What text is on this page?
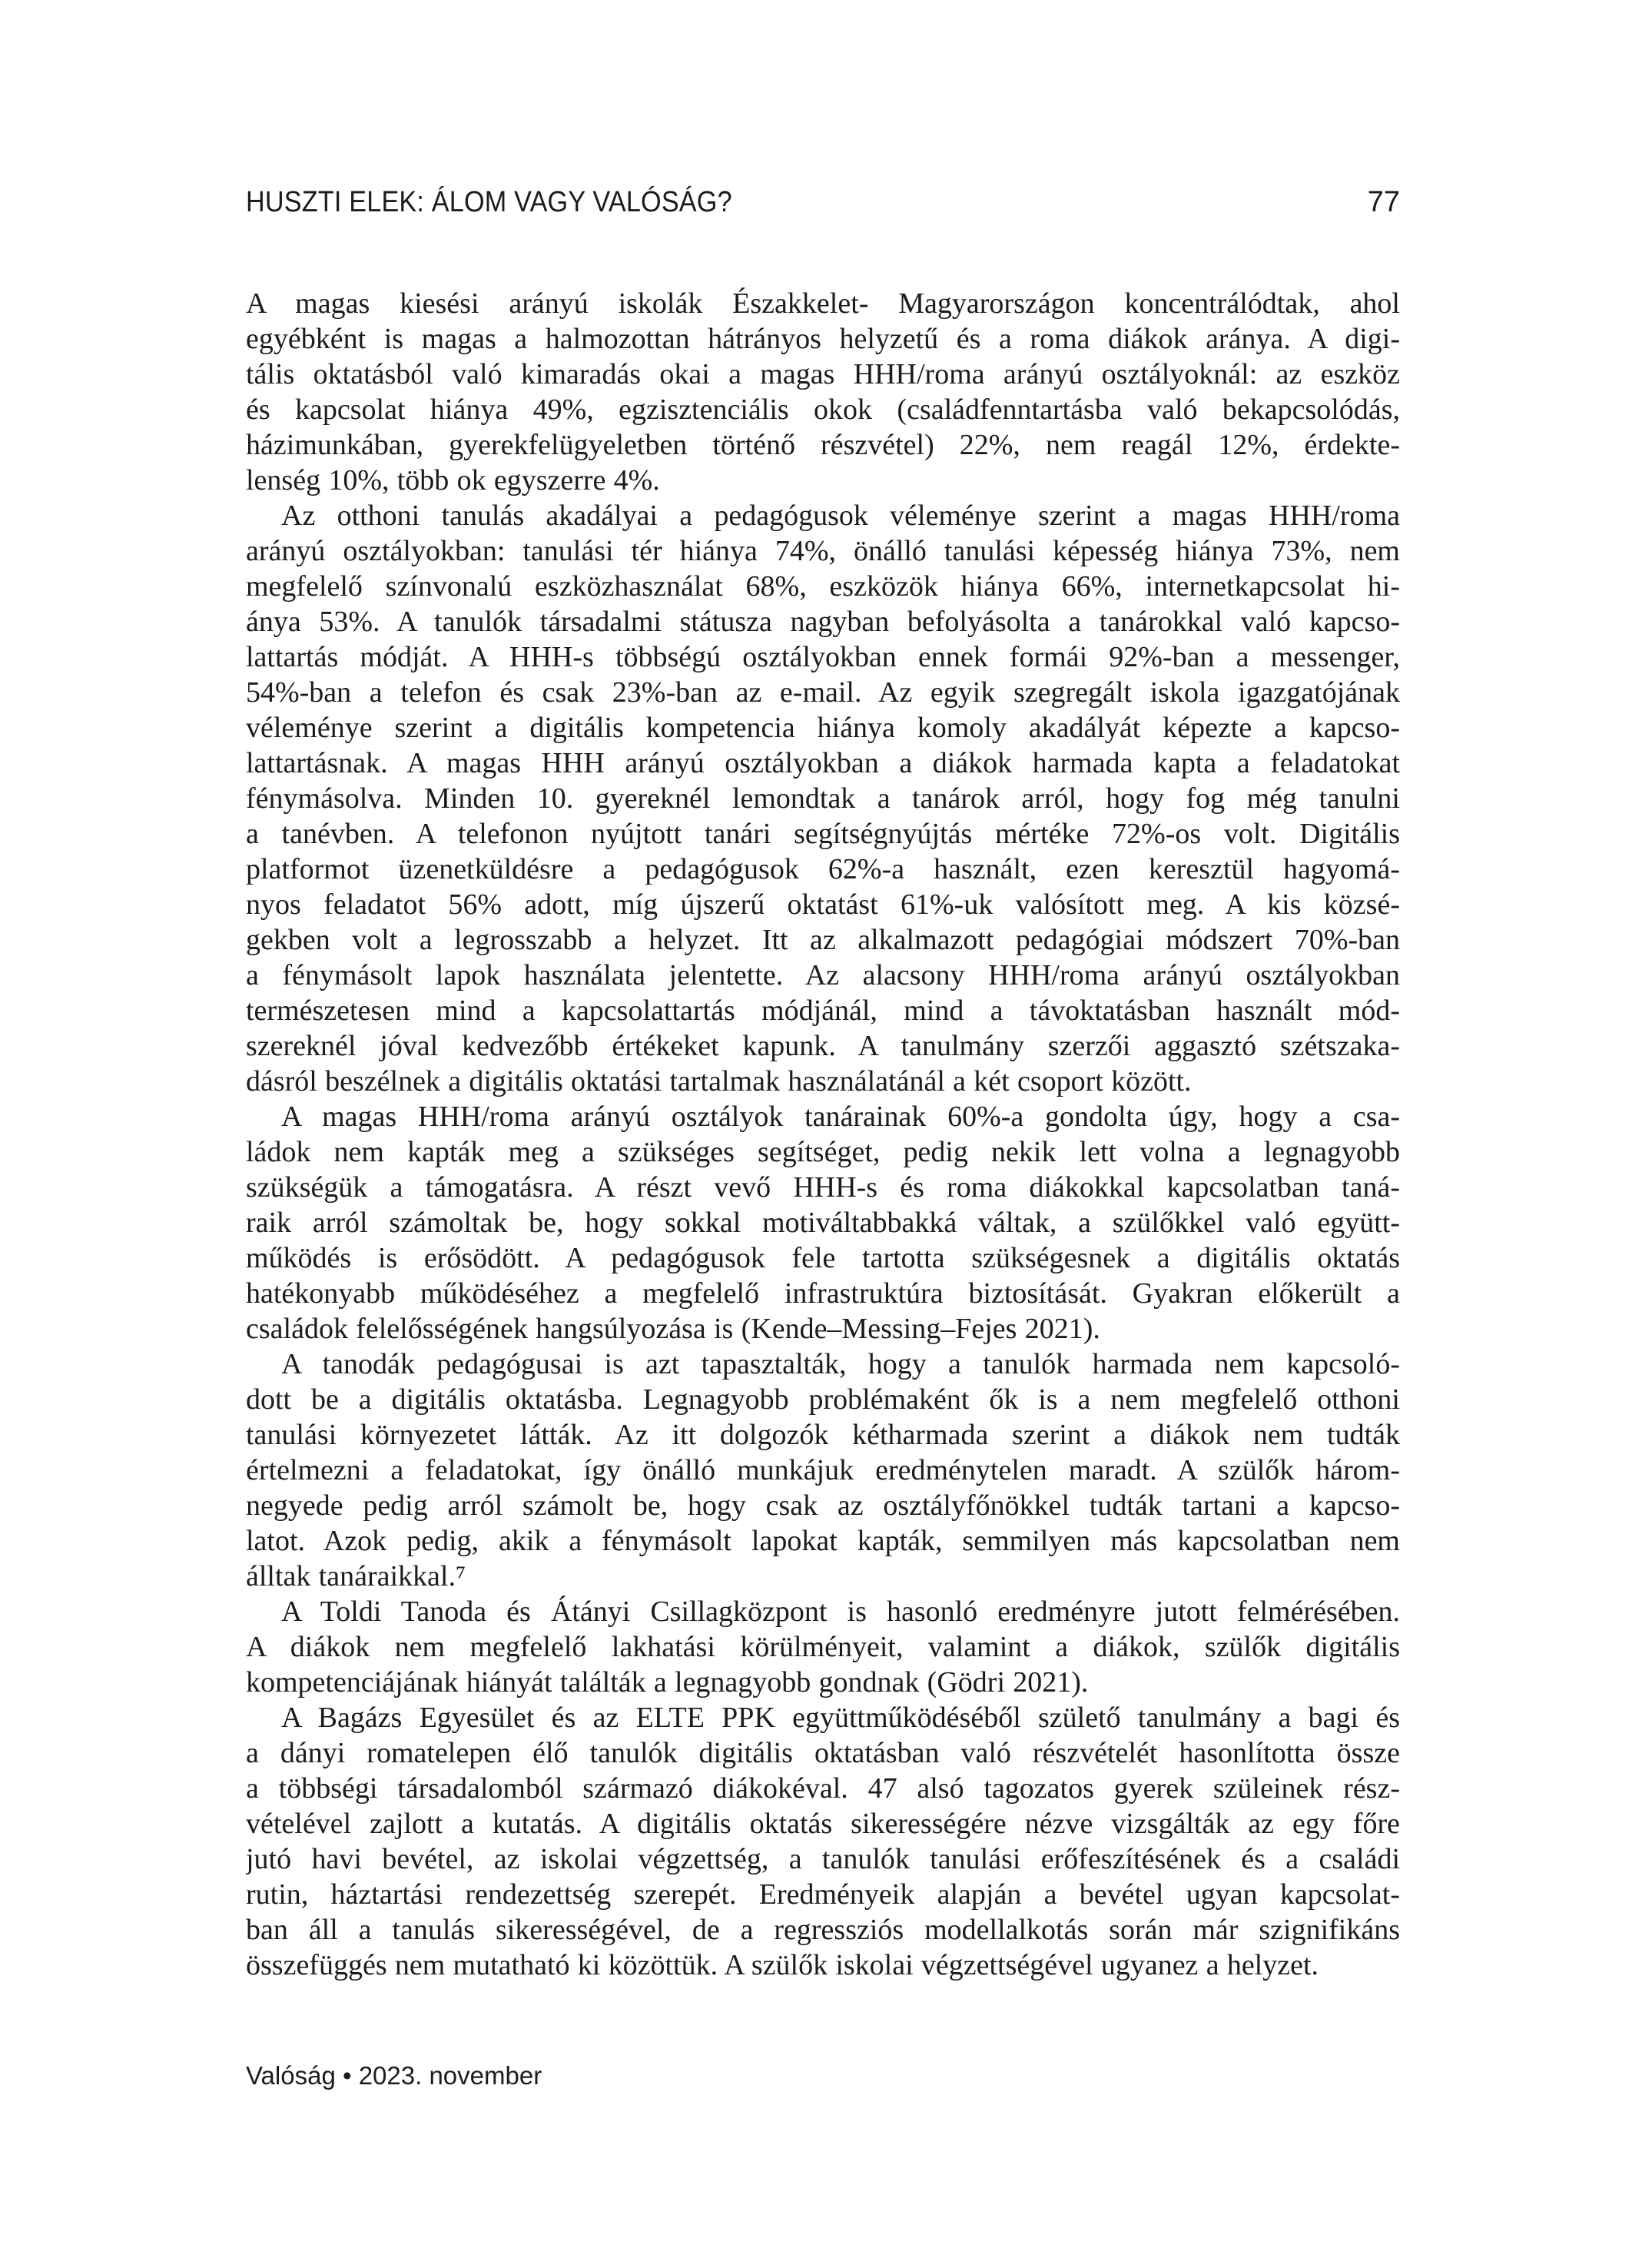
HUSZTI ELEK: ÁLOM VAGY VALÓSÁG?	77
A magas kiesési arányú iskolák Északkelet- Magyarországon koncentrálódtak, ahol
egyébként is magas a halmozottan hátrányos helyzetű és a roma diákok aránya. A digi-
tális oktatásból való kimaradás okai a magas HHH/roma arányú osztályoknál: az eszköz
és kapcsolat hiánya 49%, egzisztenciális okok (családfenntartásba való bekapcsolódás,
házimunkában, gyerekfelügyeletben történő részvétel) 22%, nem reagál 12%, érdekte-
lenség 10%, több ok egyszerre 4%.
Az otthoni tanulás akadályai a pedagógusok véleménye szerint a magas HHH/roma
arányú osztályokban: tanulási tér hiánya 74%, önálló tanulási képesség hiánya 73%, nem
megfelelő színvonalú eszközhasználat 68%, eszközök hiánya 66%, internetkapcsolat hi-
ánya 53%. A tanulók társadalmi státusza nagyban befolyásolta a tanárokkal való kapcso-
lattartás módját. A HHH-s többségú osztályokban ennek formái 92%-ban a messenger,
54%-ban a telefon és csak 23%-ban az e-mail. Az egyik szegregált iskola igazgatójának
véleménye szerint a digitális kompetencia hiánya komoly akadályát képezte a kapcso-
lattartásnak. A magas HHH arányú osztályokban a diákok harmada kapta a feladatokat
fénymásolva. Minden 10. gyereknél lemondtak a tanárok arról, hogy fog még tanulni
a tanévben. A telefonon nyújtott tanári segítségnyújtás mértéke 72%-os volt. Digitális
platformot üzenetküldésre a pedagógusok 62%-a használt, ezen keresztül hagyomá-
nyos feladatot 56% adott, míg újszerű oktatást 61%-uk valósított meg. A kis közsé-
gekben volt a legrosszabb a helyzet. Itt az alkalmazott pedagógiai módszert 70%-ban
a fénymásolt lapok használata jelentette. Az alacsony HHH/roma arányú osztályokban
természetesen mind a kapcsolattartás módjánál, mind a távoktatásban használt mód-
szereknél jóval kedvezőbb értékeket kapunk. A tanulmány szerzői aggasztó szétszaka-
dásról beszélnek a digitális oktatási tartalmak használatánál a két csoport között.
A magas HHH/roma arányú osztályok tanárainak 60%-a gondolta úgy, hogy a csa-
ládok nem kapták meg a szükséges segítséget, pedig nekik lett volna a legnagyobb
szükségük a támogatásra. A részt vevő HHH-s és roma diákokkal kapcsolatban taná-
raik arról számoltak be, hogy sokkal motiváltabbakká váltak, a szülőkkel való együtt-
működés is erősödött. A pedagógusok fele tartotta szükségesnek a digitális oktatás
hatékonyabb működéséhez a megfelelő infrastruktúra biztosítását. Gyakran előkerült a
családok felelősségének hangsúlyozása is (Kende–Messing–Fejes 2021).
A tanodák pedagógusai is azt tapasztalták, hogy a tanulók harmada nem kapcsoló-
dott be a digitális oktatásba. Legnagyobb problémaként ők is a nem megfelelő otthoni
tanulási környezetet látták. Az itt dolgozók kétharmada szerint a diákok nem tudták
értelmezni a feladatokat, így önálló munkájuk eredménytelen maradt. A szülők három-
negyede pedig arról számolt be, hogy csak az osztályfőnökkel tudták tartani a kapcso-
latot. Azok pedig, akik a fénymásolt lapokat kapták, semmilyen más kapcsolatban nem
álltak tanáraikkal.⁷
A Toldi Tanoda és Átányi Csillagközpont is hasonló eredményre jutott felmérésében.
A diákok nem megfelelő lakhatási körülményeit, valamint a diákok, szülők digitális
kompetenciájának hiányát találták a legnagyobb gondnak (Gödri 2021).
A Bagázs Egyesület és az ELTE PPK együttműködéséből születő tanulmány a bagi és
a dányi romatelepen élő tanulók digitális oktatásban való részvételét hasonlította össze
a többségi társadalomból származó diákokéval. 47 alsó tagozatos gyerek szüleinek rész-
vételével zajlott a kutatás. A digitális oktatás sikerességére nézve vizsgálták az egy főre
jutó havi bevétel, az iskolai végzettség, a tanulók tanulási erőfeszítésének és a családi
rutin, háztartási rendezettség szerepét. Eredményeik alapján a bevétel ugyan kapcsolat-
ban áll a tanulás sikerességével, de a regressziós modellalkotás során már szignifikáns
összefüggés nem mutatható ki közöttük. A szülők iskolai végzettségével ugyanez a helyzet.
Valóság • 2023. november
